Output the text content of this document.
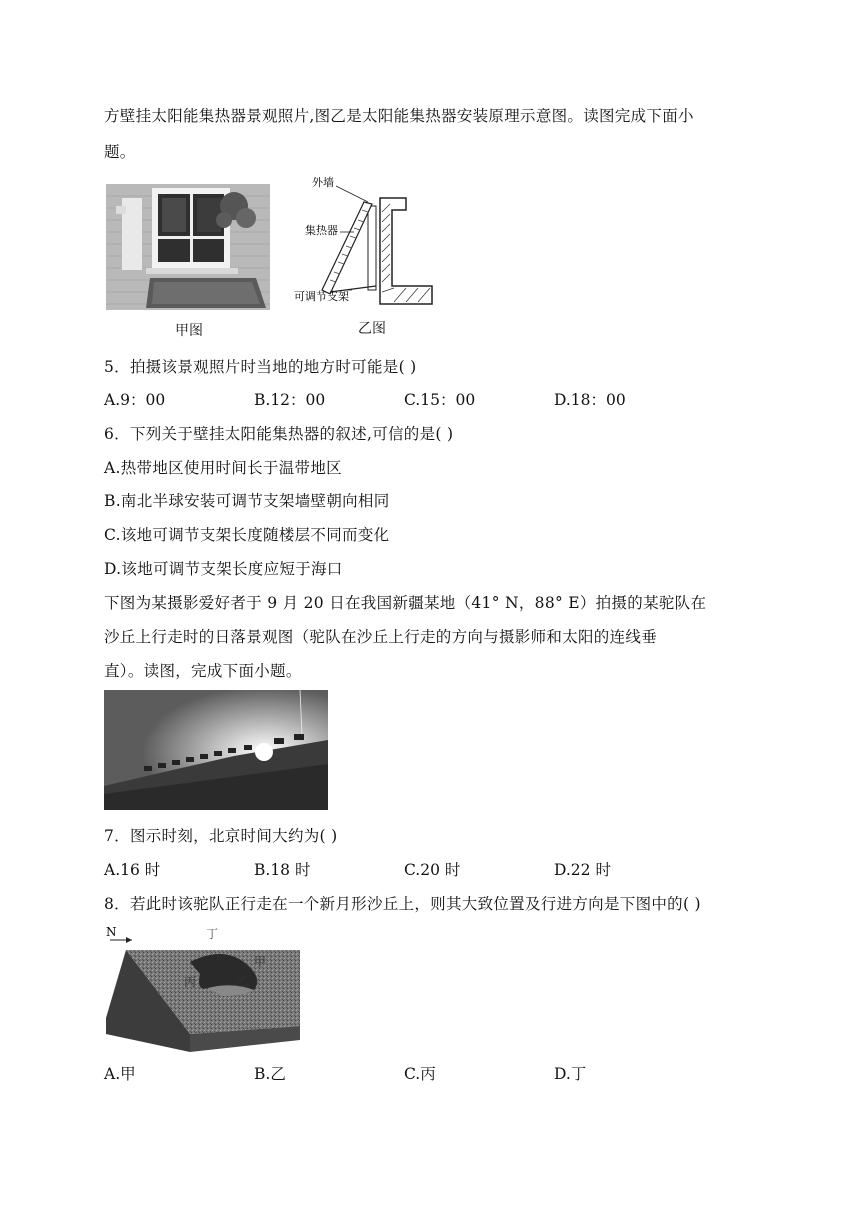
方壁挂太阳能集热器景观照片,图乙是太阳能集热器安装原理示意图。读图完成下面小
题。
甲图
外墙
集热器
可调节支架
乙图
5．拍摄该景观照片时当地的地方时可能是( )
A.9：00	B.12：00	C.15：00	D.18：00
6．下列关于壁挂太阳能集热器的叙述,可信的是( )
A.热带地区使用时间长于温带地区
B.南北半球安装可调节支架墙壁朝向相同
C.该地可调节支架长度随楼层不同而变化
D.该地可调节支架长度应短于海口
下图为某摄影爱好者于 9 月 20 日在我国新疆某地（41° N，88° E）拍摄的某驼队在
沙丘上行走时的日落景观图（驼队在沙丘上行走的方向与摄影师和太阳的连线垂
直）。读图，完成下面小题。
7．图示时刻，北京时间大约为( )
A.16 时	B.18 时	C.20 时	D.22 时
8．若此时该驼队正行走在一个新月形沙丘上，则其大致位置及行进方向是下图中的( )
N	丁
甲
丙	乙
A.甲	B.乙	C.丙	D.丁
